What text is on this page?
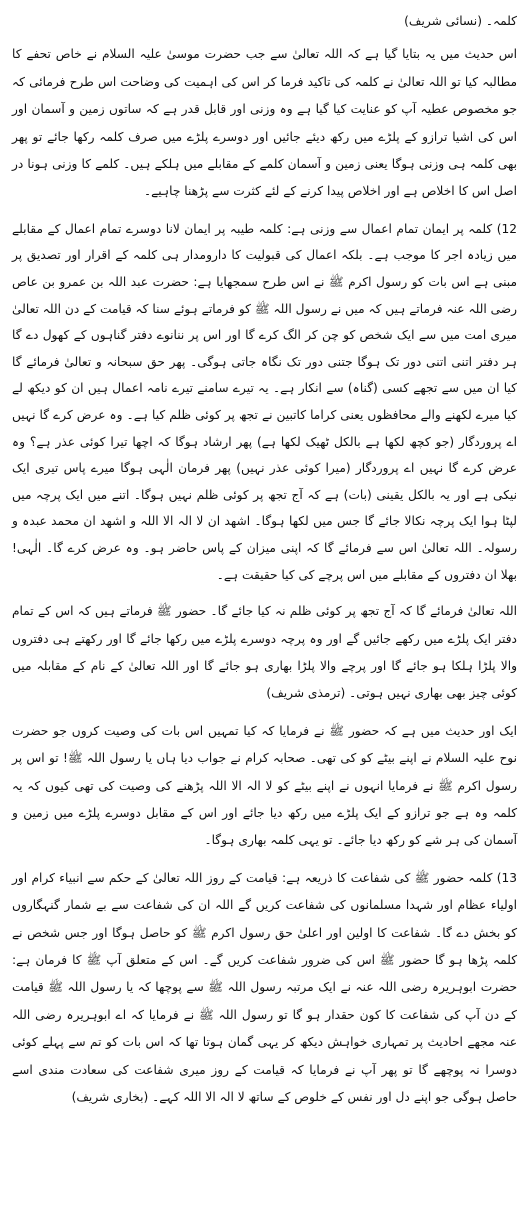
کلمہ۔ (نسائی شریف)

اس حدیث میں یہ بتایا گیا ہے کہ اللہ تعالیٰ سے جب حضرت موسیٰ علیہ السلام نے خاص تحفے کا مطالبہ کیا تو اللہ تعالیٰ نے کلمہ کی تاکید فرما کر اس کی اہمیت کی وضاحت اس طرح فرمائی کہ جو مخصوص عطیہ آپ کو عنایت کیا گیا ہے وہ وزنی اور قابل قدر ہے کہ ساتوں زمین و آسمان اور اس کی اشیا ترازو کے پلڑے میں رکھ دیئے جائیں اور دوسرے پلڑے میں صرف کلمہ رکھا جائے تو پھر بھی کلمہ ہی وزنی ہوگا یعنی زمین و آسمان کلمے کے مقابلے میں ہلکے ہیں۔ کلمے کا وزنی ہونا در اصل اس کا اخلاص ہے اور اخلاص پیدا کرنے کے لئے کثرت سے پڑھنا چاہیے۔

12) کلمہ پر ایمان تمام اعمال سے وزنی ہے: کلمہ طیبہ پر ایمان لانا دوسرے تمام اعمال کے مقابلے میں زیادہ اجر کا موجب ہے۔ بلکہ اعمال کی قبولیت کا دارومدار ہی کلمہ کے اقرار اور تصدیق پر مبنی ہے اس بات کو رسول اکرم ﷺ نے اس طرح سمجھایا ہے: حضرت عبد اللہ بن عمرو بن عاص رضی اللہ عنہ فرماتے ہیں کہ میں نے رسول اللہ ﷺ کو فرماتے ہوئے سنا کہ قیامت کے دن اللہ تعالیٰ میری امت میں سے ایک شخص کو چن کر الگ کرے گا اور اس پر ننانوے دفتر گناہوں کے کھول دے گا ہر دفتر اتنی اتنی دور تک ہوگا جتنی دور تک نگاہ جاتی ہوگی۔ پھر حق سبحانہ و تعالیٰ فرمائے گا کیا ان میں سے تجھے کسی (گناہ) سے انکار ہے۔ یہ تیرے سامنے تیرے نامہ اعمال ہیں ان کو دیکھ لے کیا میرے لکھنے والے محافظوں یعنی کراما کاتبین نے تجھ پر کوئی ظلم کیا ہے۔ وہ عرض کرے گا نہیں اے پروردگار (جو کچھ لکھا ہے بالکل ٹھیک لکھا ہے) پھر ارشاد ہوگا کہ اچھا تیرا کوئی عذر ہے؟ وہ عرض کرے گا نہیں اے پروردگار (میرا کوئی عذر نہیں) پھر فرمان الٰہی ہوگا میرے پاس تیری ایک نیکی ہے اور یہ بالکل یقینی (بات) ہے کہ آج تجھ پر کوئی ظلم نہیں ہوگا۔ اتنے میں ایک پرچہ میں لپٹا ہوا ایک پرچہ نکالا جائے گا جس میں لکھا ہوگا۔ اشھد ان لا الہ الا اللہ و اشھد ان محمد عبدہ و رسولہ۔ اللہ تعالیٰ اس سے فرمائے گا کہ اپنی میزان کے پاس حاضر ہو۔ وہ عرض کرے گا۔ الٰہی! بھلا ان دفتروں کے مقابلے میں اس پرچے کی کیا حقیقت ہے۔

اللہ تعالیٰ فرمائے گا کہ آج تجھ پر کوئی ظلم نہ کیا جائے گا۔ حضور ﷺ فرماتے ہیں کہ اس کے تمام دفتر ایک پلڑے میں رکھے جائیں گے اور وہ پرچہ دوسرے پلڑے میں رکھا جائے گا اور رکھتے ہی دفتروں والا پلڑا ہلکا ہو جائے گا اور پرچے والا پلڑا بھاری ہو جائے گا اور اللہ تعالیٰ کے نام کے مقابلہ میں کوئی چیز بھی بھاری نہیں ہوتی۔ (ترمذی شریف)

ایک اور حدیث میں ہے کہ حضور ﷺ نے فرمایا کہ کیا تمہیں اس بات کی وصیت کروں جو حضرت نوح علیہ السلام نے اپنے بیٹے کو کی تھی۔ صحابہ کرام نے جواب دیا ہاں یا رسول اللہ ﷺ! تو اس پر رسول اکرم ﷺ نے فرمایا انہوں نے اپنے بیٹے کو لا الہ الا اللہ پڑھنے کی وصیت کی تھی کیوں کہ یہ کلمہ وہ ہے جو ترازو کے ایک پلڑے میں رکھ دیا جائے اور اس کے مقابل دوسرے پلڑے میں زمین و آسمان کی ہر شے کو رکھ دیا جائے۔ تو یہی کلمہ بھاری ہوگا۔

13) کلمہ حضور ﷺ کی شفاعت کا ذریعہ ہے: قیامت کے روز اللہ تعالیٰ کے حکم سے انبیاء کرام اور اولیاء عظام اور شہدا مسلمانوں کی شفاعت کریں گے اللہ ان کی شفاعت سے بے شمار گنہگاروں کو بخش دے گا۔ شفاعت کا اولین اور اعلیٰ حق رسول اکرم ﷺ کو حاصل ہوگا اور جس شخص نے کلمہ پڑھا ہو گا حضور ﷺ اس کی ضرور شفاعت کریں گے۔ اس کے متعلق آپ ﷺ کا فرمان ہے: حضرت ابوہریرہ رضی اللہ عنہ نے ایک مرتبہ رسول اللہ ﷺ سے پوچھا کہ یا رسول اللہ ﷺ قیامت کے دن آپ کی شفاعت کا کون حقدار ہو گا تو رسول اللہ ﷺ نے فرمایا کہ اے ابوہریرہ رضی اللہ عنہ مجھے احادیث پر تمہاری خواہش دیکھ کر یہی گمان ہوتا تھا کہ اس بات کو تم سے پہلے کوئی دوسرا نہ پوچھے گا تو پھر آپ نے فرمایا کہ قیامت کے روز میری شفاعت کی سعادت مندی اسے حاصل ہوگی جو اپنے دل اور نفس کے خلوص کے ساتھ لا الہ الا اللہ کہے۔ (بخاری شریف)
